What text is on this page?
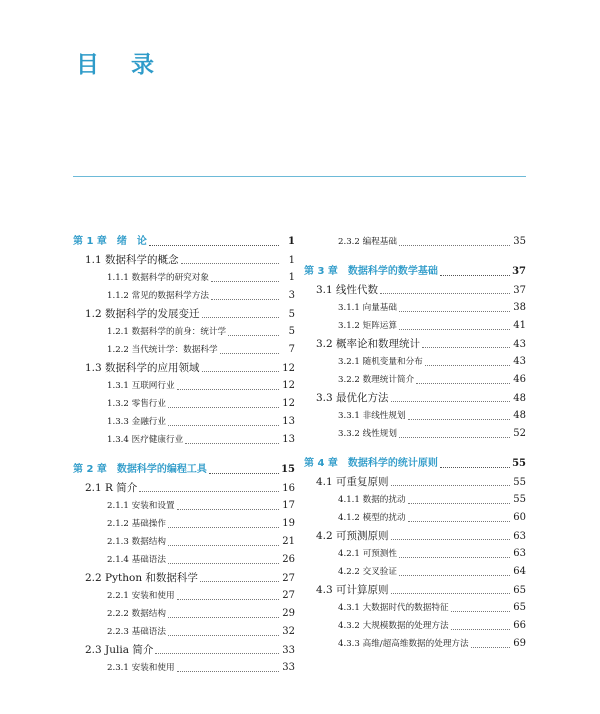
目 录
第 1 章　绪　论	1
1.1 数据科学的概念	1
1.1.1 数据科学的研究对象	1
1.1.2 常见的数据科学方法	3
1.2 数据科学的发展变迁	5
1.2.1 数据科学的前身：统计学	5
1.2.2 当代统计学：数据科学	7
1.3 数据科学的应用领域	12
1.3.1 互联网行业	12
1.3.2 零售行业	12
1.3.3 金融行业	13
1.3.4 医疗健康行业	13
第 2 章　数据科学的编程工具	15
2.1 R 简介	16
2.1.1 安装和设置	17
2.1.2 基础操作	19
2.1.3 数据结构	21
2.1.4 基础语法	26
2.2 Python 和数据科学	27
2.2.1 安装和使用	27
2.2.2 数据结构	29
2.2.3 基础语法	32
2.3 Julia 简介	33
2.3.1 安装和使用	33
2.3.2 编程基础	35
第 3 章　数据科学的数学基础	37
3.1 线性代数	37
3.1.1 向量基础	38
3.1.2 矩阵运算	41
3.2 概率论和数理统计	43
3.2.1 随机变量和分布	43
3.2.2 数理统计简介	46
3.3 最优化方法	48
3.3.1 非线性规划	48
3.3.2 线性规划	52
第 4 章　数据科学的统计原则	55
4.1 可重复原则	55
4.1.1 数据的扰动	55
4.1.2 模型的扰动	60
4.2 可预测原则	63
4.2.1 可预测性	63
4.2.2 交叉验证	64
4.3 可计算原则	65
4.3.1 大数据时代的数据特征	65
4.3.2 大规模数据的处理方法	66
4.3.3 高维/超高维数据的处理方法	69
